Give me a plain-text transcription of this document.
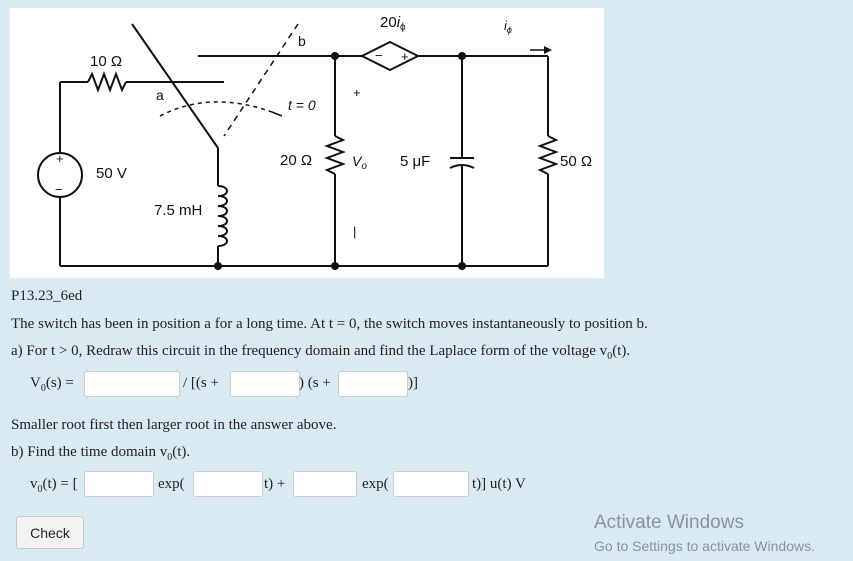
10 Ω
50 V
+
−
a
b
t = 0
7.5 mH
20 Ω
+
$V_o$
|
5 μF	50 Ω
− +
$20i_\phi$	$i_\phi$
P13.23_6ed
The switch has been in position a for a long time. At t = 0, the switch moves instantaneously to position b.
a) For t > 0, Redraw this circuit in the frequency domain and find the Laplace form of the voltage $v_0(t)$.
$V_0(s)$ =	/ [(s +	) (s +	)]
Smaller root first then larger root in the answer above.
b) Find the time domain $v_0(t)$.
$v_0(t)$ = [	exp(	t) +	exp(	t)] u(t) V
Check	Activate Windows
Go to Settings to activate Windows.
